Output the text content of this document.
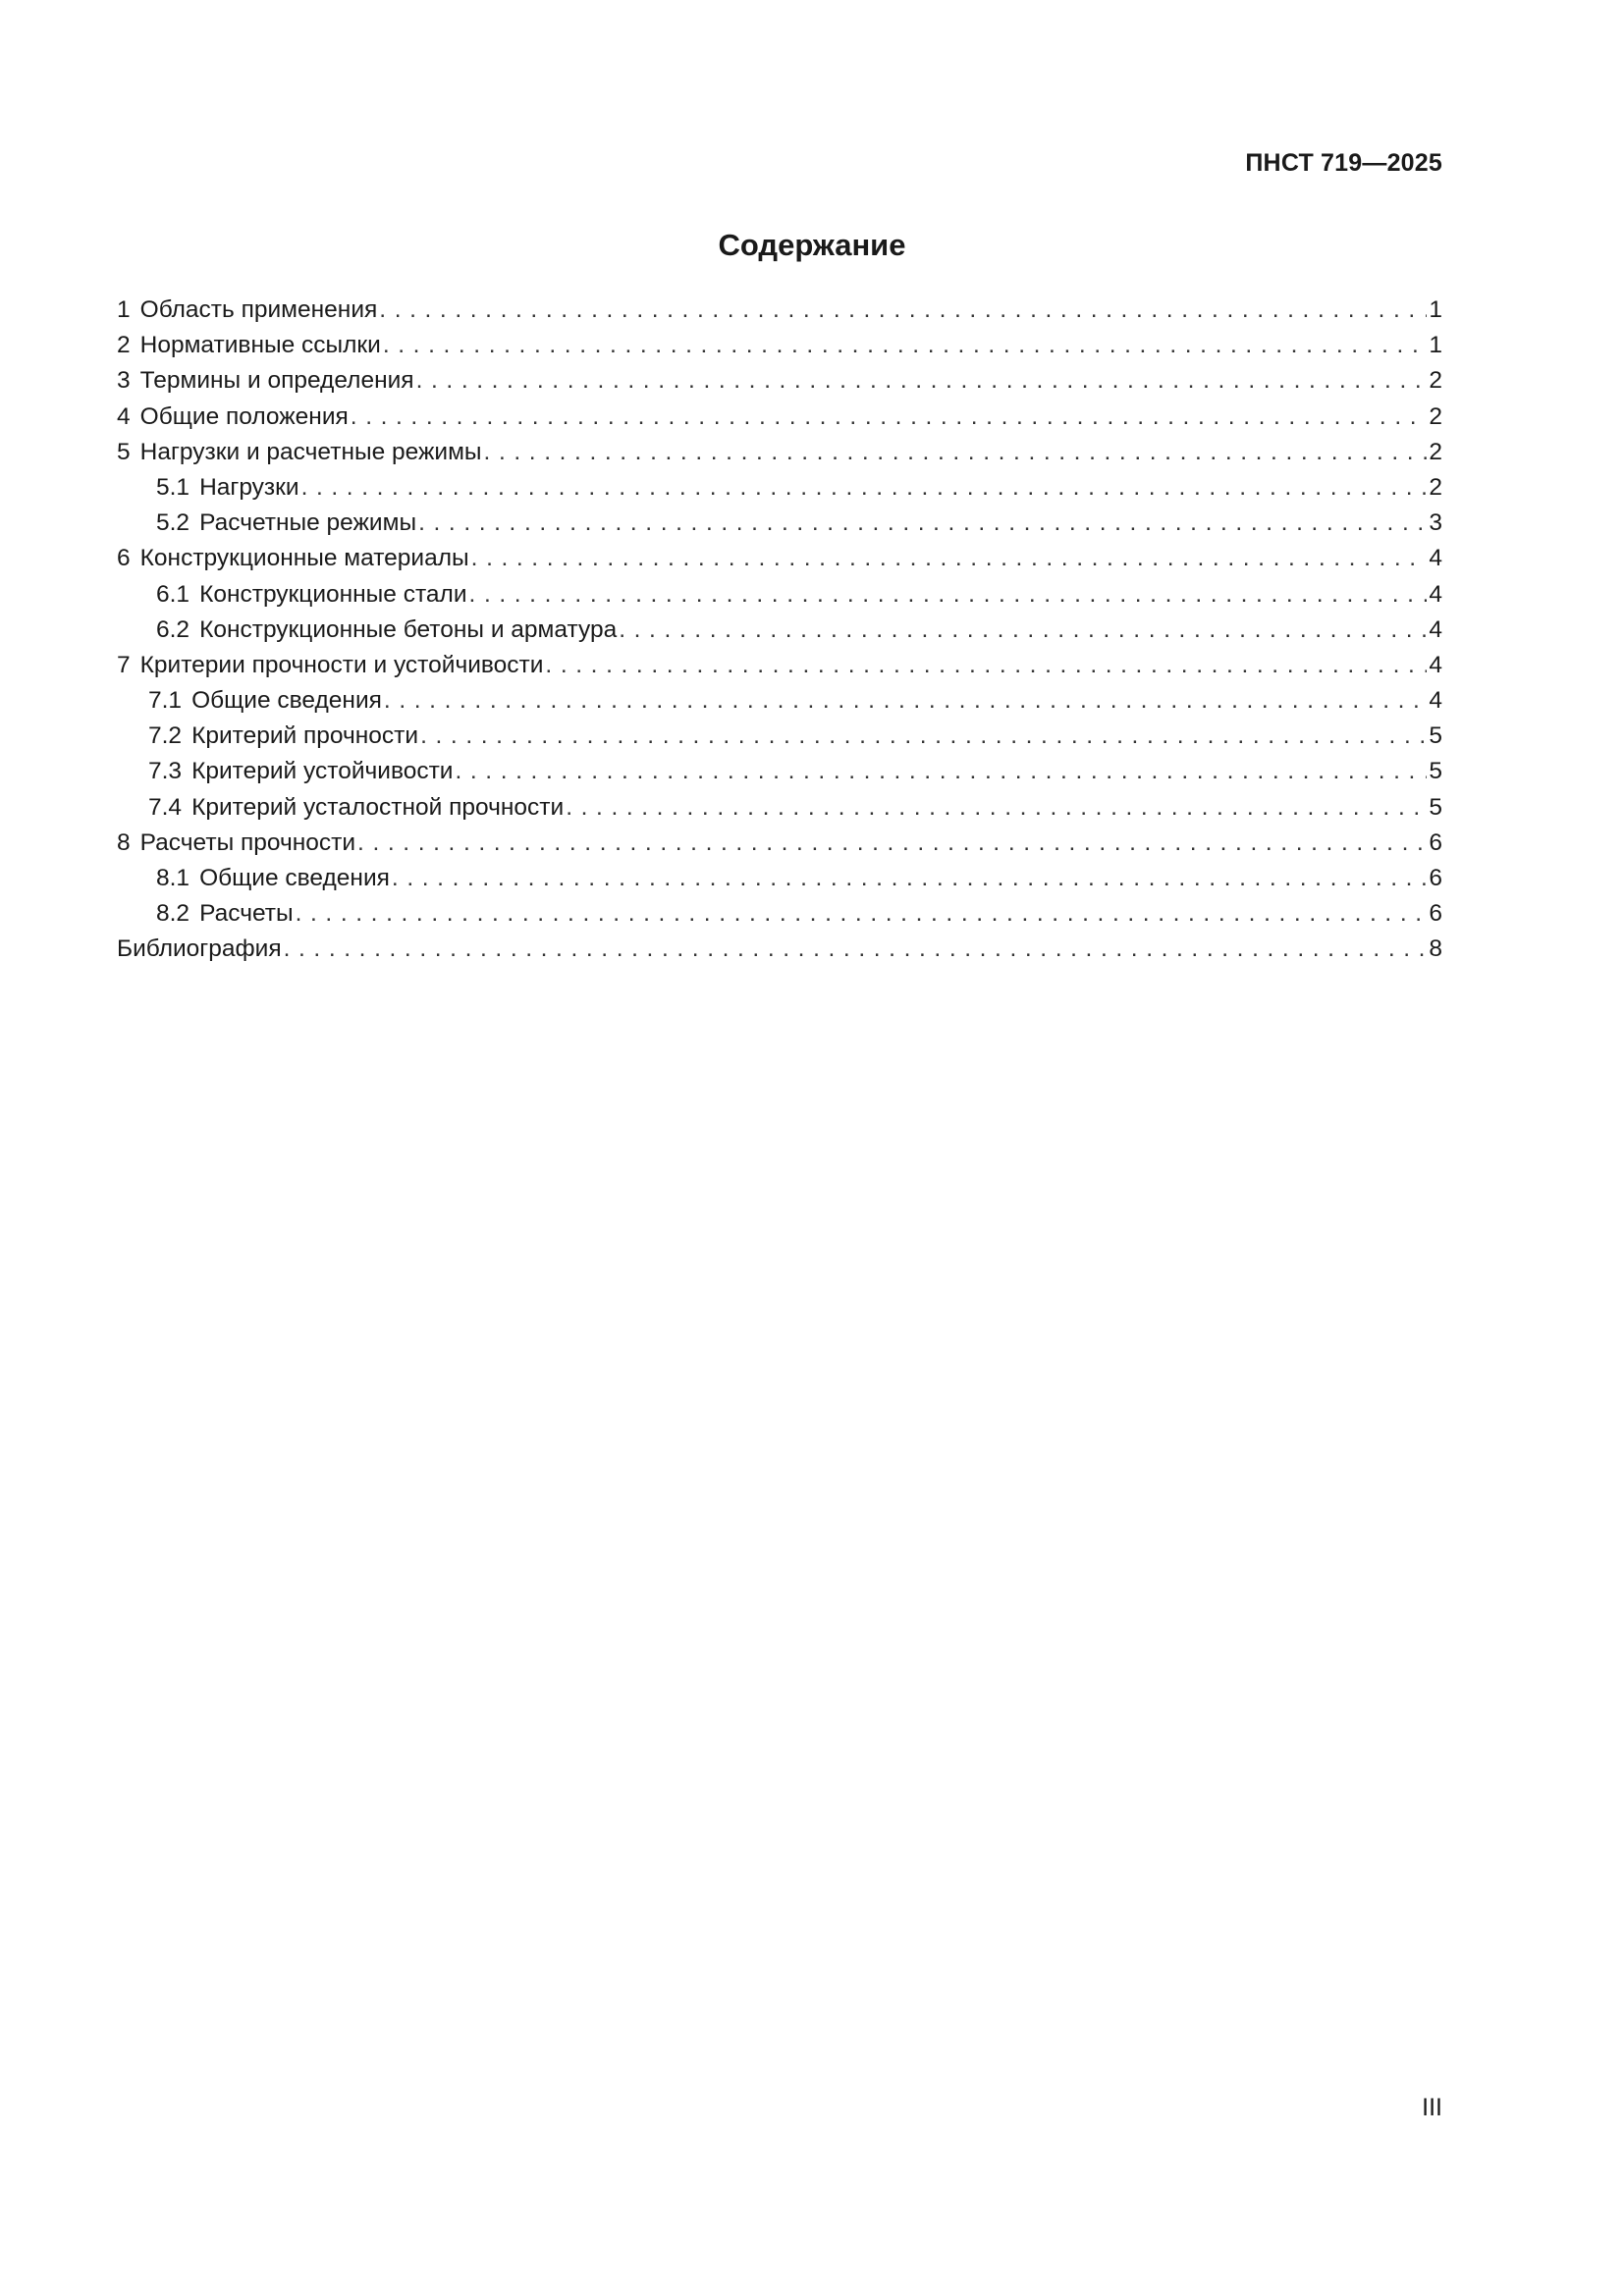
ПНСТ 719—2025
Содержание
1 Область применения . . .	1
2 Нормативные ссылки . . .	1
3 Термины и определения . . .	2
4 Общие положения . . .	2
5 Нагрузки и расчетные режимы . . .	2
5.1 Нагрузки . . .	2
5.2 Расчетные режимы . . .	3
6 Конструкционные материалы . . .	4
6.1 Конструкционные стали . . .	4
6.2 Конструкционные бетоны и арматура . . .	4
7 Критерии прочности и устойчивости . . .	4
7.1 Общие сведения . . .	4
7.2 Критерий прочности . . .	5
7.3 Критерий устойчивости . . .	5
7.4 Критерий усталостной прочности . . .	5
8 Расчеты прочности . . .	6
8.1 Общие сведения . . .	6
8.2 Расчеты . . .	6
Библиография . . .	8
III
